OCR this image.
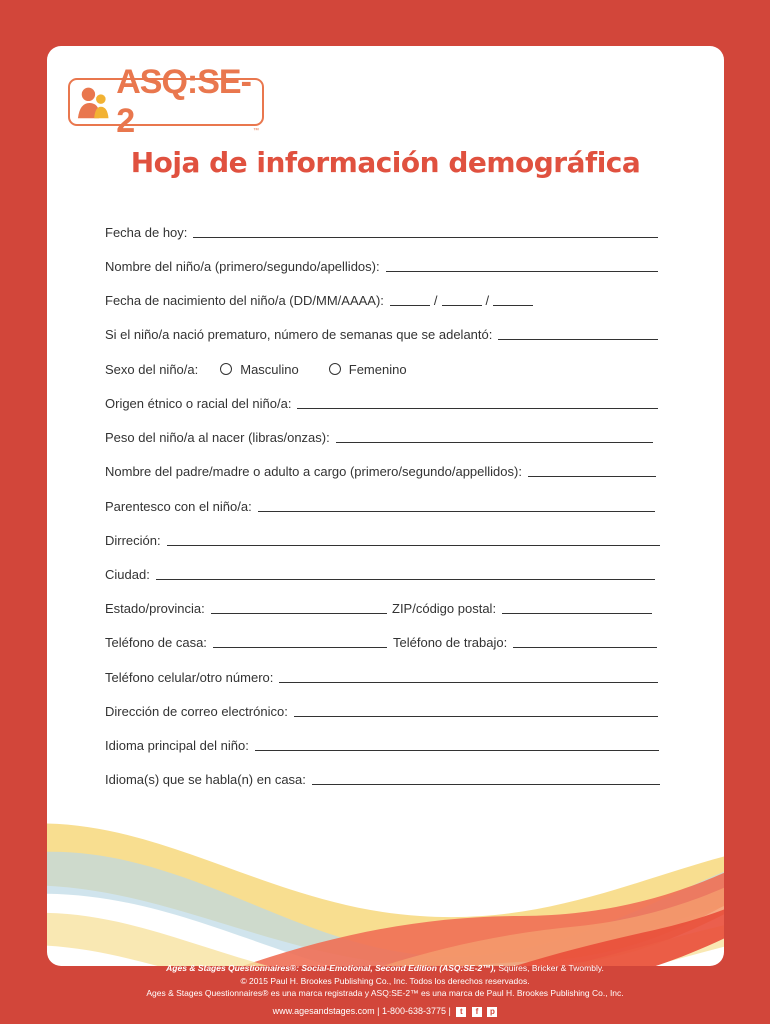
ASQ:SE-2	™
Hoja de información demográfica
Fecha de hoy:
Nombre del niño/a (primero/segundo/apellidos):
Fecha de nacimiento del niño/a (DD/MM/AAAA):	/	/
Si el niño/a nació prematuro, número de semanas que se adelantó:
Sexo del niño/a:	Masculino	Femenino
Origen étnico o racial del niño/a:
Peso del niño/a al nacer (libras/onzas):
Nombre del padre/madre o adulto a cargo (primero/segundo/appellidos):
Parentesco con el niño/a:
Dirreción:
Ciudad:
Estado/provincia:	ZIP/código postal:
Teléfono de casa:	Teléfono de trabajo:
Teléfono celular/otro número:
Dirección de correo electrónico:
Idioma principal del niño:
Idioma(s) que se habla(n) en casa:
Ages & Stages Questionnaires®: Social-Emotional, Second Edition (ASQ:SE-2™), Squires, Bricker & Twombly.
© 2015 Paul H. Brookes Publishing Co., Inc. Todos los derechos reservados.
Ages & Stages Questionnaires® es una marca registrada y ASQ:SE-2™ es una marca de Paul H. Brookes Publishing Co., Inc.
www.agesandstages.com | 1-800-638-3775 | t f p
